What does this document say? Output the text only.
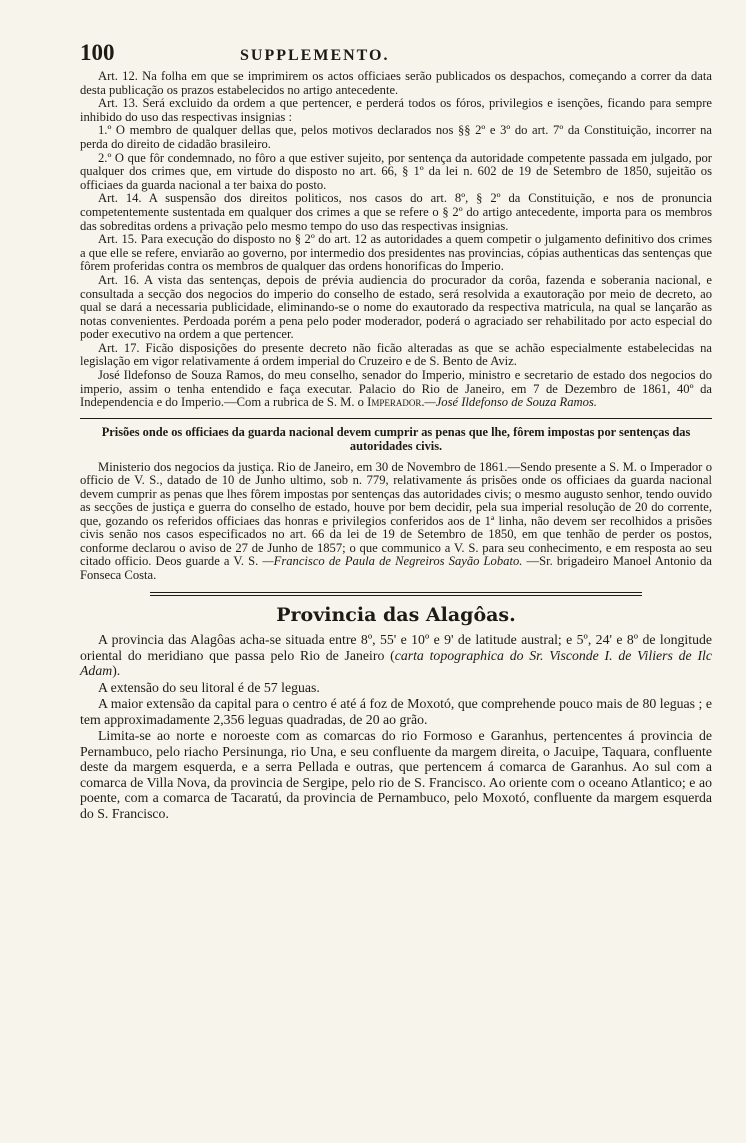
100	SUPPLEMENTO.

Art. 12. Na folha em que se imprimirem os actos officiaes serão publicados os despachos, começando a correr da data desta publicação os prazos estabelecidos no artigo antecedente.

Art. 13. Será excluido da ordem a que pertencer, e perderá todos os fóros, privilegios e isenções, ficando para sempre inhibido do uso das respectivas insignias :

1.º O membro de qualquer dellas que, pelos motivos declarados nos §§ 2º e 3º do art. 7º da Constituição, incorrer na perda do direito de cidadão brasileiro.

2.º O que fôr condemnado, no fôro a que estiver sujeito, por sentença da autoridade competente passada em julgado, por qualquer dos crimes que, em virtude do disposto no art. 66, § 1º da lei n. 602 de 19 de Setembro de 1850, sujeitão os officiaes da guarda nacional a ter baixa do posto.

Art. 14. A suspensão dos direitos politicos, nos casos do art. 8º, § 2º da Constituição, e nos de pronuncia competentemente sustentada em qualquer dos crimes a que se refere o § 2º do artigo antecedente, importa para os membros das sobreditas ordens a privação pelo mesmo tempo do uso das respectivas insignias.

Art. 15. Para execução do disposto no § 2º do art. 12 as autoridades a quem competir o julgamento definitivo dos crimes a que elle se refere, enviarão ao governo, por intermedio dos presidentes nas provincias, cópias authenticas das sentenças que fôrem proferidas contra os membros de qualquer das ordens honorificas do Imperio.

Art. 16. A vista das sentenças, depois de prévia audiencia do procurador da corôa, fazenda e soberania nacional, e consultada a secção dos negocios do imperio do conselho de estado, será resolvida a exautoração por meio de decreto, ao qual se dará a necessaria publicidade, eliminando-se o nome do exautorado da respectiva matricula, na qual se lançarão as notas convenientes. Perdoada porém a pena pelo poder moderador, poderá o agraciado ser rehabilitado por acto especial do poder executivo na ordem a que pertencer.

Art. 17. Ficão disposições do presente decreto não ficão alteradas as que se achão especialmente estabelecidas na legislação em vigor relativamente á ordem imperial do Cruzeiro e de S. Bento de Aviz.

José Ildefonso de Souza Ramos, do meu conselho, senador do Imperio, ministro e secretario de estado dos negocios do imperio, assim o tenha entendido e faça executar. Palacio do Rio de Janeiro, em 7 de Dezembro de 1861, 40º da Independencia e do Imperio.—Com a rubrica de S. M. o Imperador.—José Ildefonso de Souza Ramos.

Prisões onde os officiaes da guarda nacional devem cumprir as penas que lhe, fôrem impostas por sentenças das autoridades civis.

Ministerio dos negocios da justiça. Rio de Janeiro, em 30 de Novembro de 1861.—Sendo presente a S. M. o Imperador o officio de V. S., datado de 10 de Junho ultimo, sob n. 779, relativamente ás prisões onde os officiaes da guarda nacional devem cumprir as penas que lhes fôrem impostas por sentenças das autoridades civis; o mesmo augusto senhor, tendo ouvido as secções de justiça e guerra do conselho de estado, houve por bem decidir, pela sua imperial resolução de 20 do corrente, que, gozando os referidos officiaes das honras e privilegios conferidos aos de 1ª linha, não devem ser recolhidos a prisões civis senão nos casos especificados no art. 66 da lei de 19 de Setembro de 1850, em que tenhão de perder os postos, conforme declarou o aviso de 27 de Junho de 1857; o que communico a V. S. para seu conhecimento, e em resposta ao seu citado officio. Deos guarde a V. S. —Francisco de Paula de Negreiros Sayão Lobato. —Sr. brigadeiro Manoel Antonio da Fonseca Costa.

Provincia das Alagôas.

A provincia das Alagôas acha-se situada entre 8º, 55' e 10º e 9' de latitude austral; e 5º, 24' e 8º de longitude oriental do meridiano que passa pelo Rio de Janeiro (carta topographica do Sr. Visconde I. de Viliers de Ilc Adam).

A extensão do seu litoral é de 57 leguas.

A maior extensão da capital para o centro é até á foz de Moxotó, que comprehende pouco mais de 80 leguas ; e tem approximadamente 2,356 leguas quadradas, de 20 ao grão.

Limita-se ao norte e noroeste com as comarcas do rio Formoso e Garanhus, pertencentes á provincia de Pernambuco, pelo riacho Persinunga, rio Una, e seu confluente da margem direita, o Jacuipe, Taquara, confluente deste da margem esquerda, e a serra Pellada e outras, que pertencem á comarca de Garanhus. Ao sul com a comarca de Villa Nova, da provincia de Sergipe, pelo rio de S. Francisco. Ao oriente com o oceano Atlantico; e ao poente, com a comarca de Tacaratú, da provincia de Pernambuco, pelo Moxotó, confluente da margem esquerda do S. Francisco.
